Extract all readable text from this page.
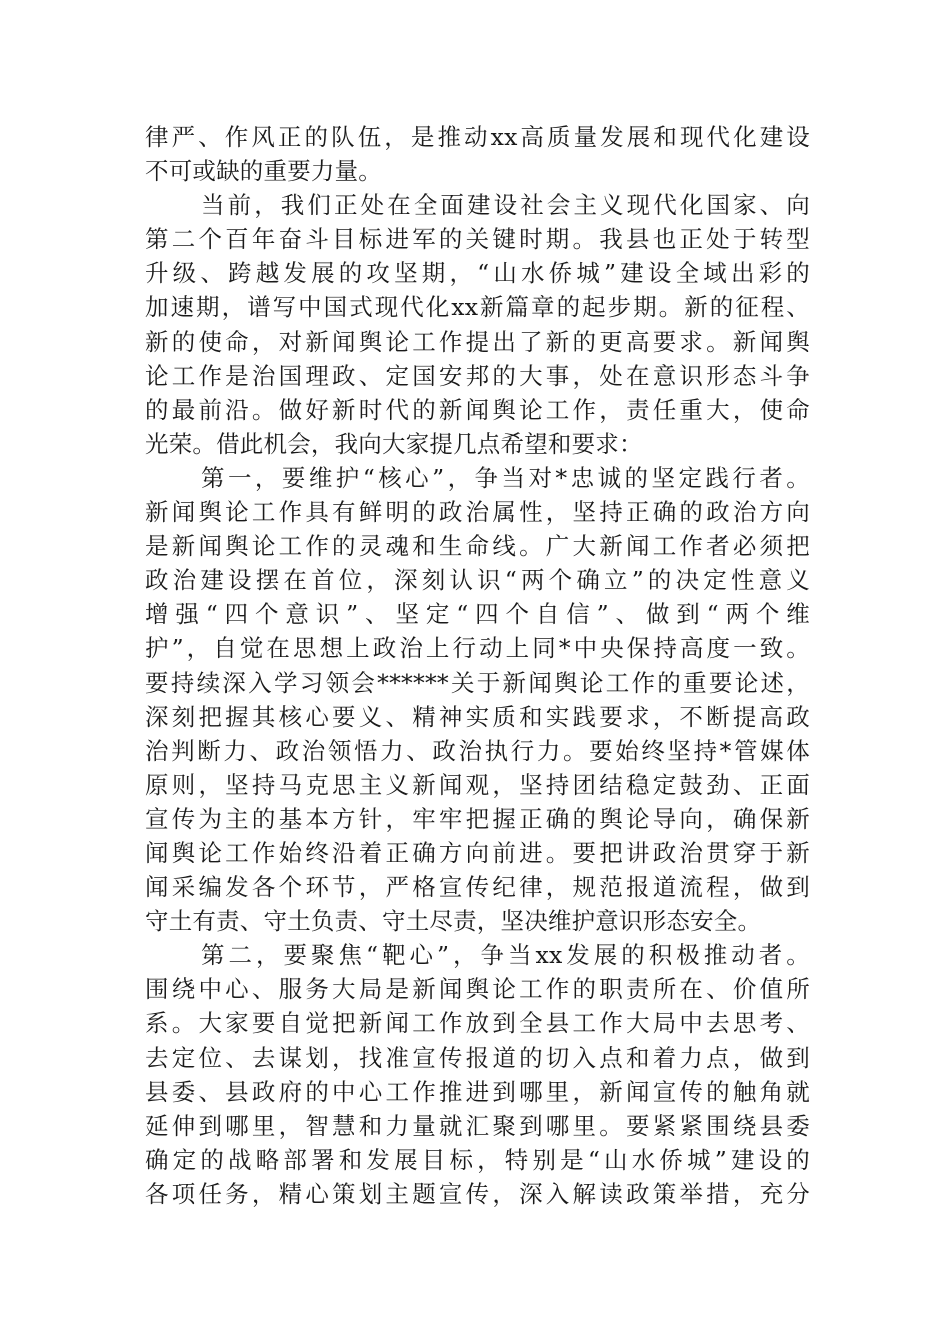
律严、作风正的队伍，是推动xx高质量发展和现代化建设
不可或缺的重要力量。
当前，我们正处在全面建设社会主义现代化国家、向
第二个百年奋斗目标进军的关键时期。我县也正处于转型
升级、跨越发展的攻坚期，“山水侨城”建设全域出彩的
加速期，谱写中国式现代化xx新篇章的起步期。新的征程、
新的使命，对新闻舆论工作提出了新的更高要求。新闻舆
论工作是治国理政、定国安邦的大事，处在意识形态斗争
的最前沿。做好新时代的新闻舆论工作，责任重大，使命
光荣。借此机会，我向大家提几点希望和要求：
第一，要维护“核心”，争当对*忠诚的坚定践行者。
新闻舆论工作具有鲜明的政治属性，坚持正确的政治方向
是新闻舆论工作的灵魂和生命线。广大新闻工作者必须把
政治建设摆在首位，深刻认识“两个确立”的决定性意义
增强“四个意识”、坚定“四个自信”、做到“两个维
护”，自觉在思想上政治上行动上同*中央保持高度一致。
要持续深入学习领会******关于新闻舆论工作的重要论述，
深刻把握其核心要义、精神实质和实践要求，不断提高政
治判断力、政治领悟力、政治执行力。要始终坚持*管媒体
原则，坚持马克思主义新闻观，坚持团结稳定鼓劲、正面
宣传为主的基本方针，牢牢把握正确的舆论导向，确保新
闻舆论工作始终沿着正确方向前进。要把讲政治贯穿于新
闻采编发各个环节，严格宣传纪律，规范报道流程，做到
守土有责、守土负责、守土尽责，坚决维护意识形态安全。
第二，要聚焦“靶心”，争当xx发展的积极推动者。
围绕中心、服务大局是新闻舆论工作的职责所在、价值所
系。大家要自觉把新闻工作放到全县工作大局中去思考、
去定位、去谋划，找准宣传报道的切入点和着力点，做到
县委、县政府的中心工作推进到哪里，新闻宣传的触角就
延伸到哪里，智慧和力量就汇聚到哪里。要紧紧围绕县委
确定的战略部署和发展目标，特别是“山水侨城”建设的
各项任务，精心策划主题宣传，深入解读政策举措，充分
